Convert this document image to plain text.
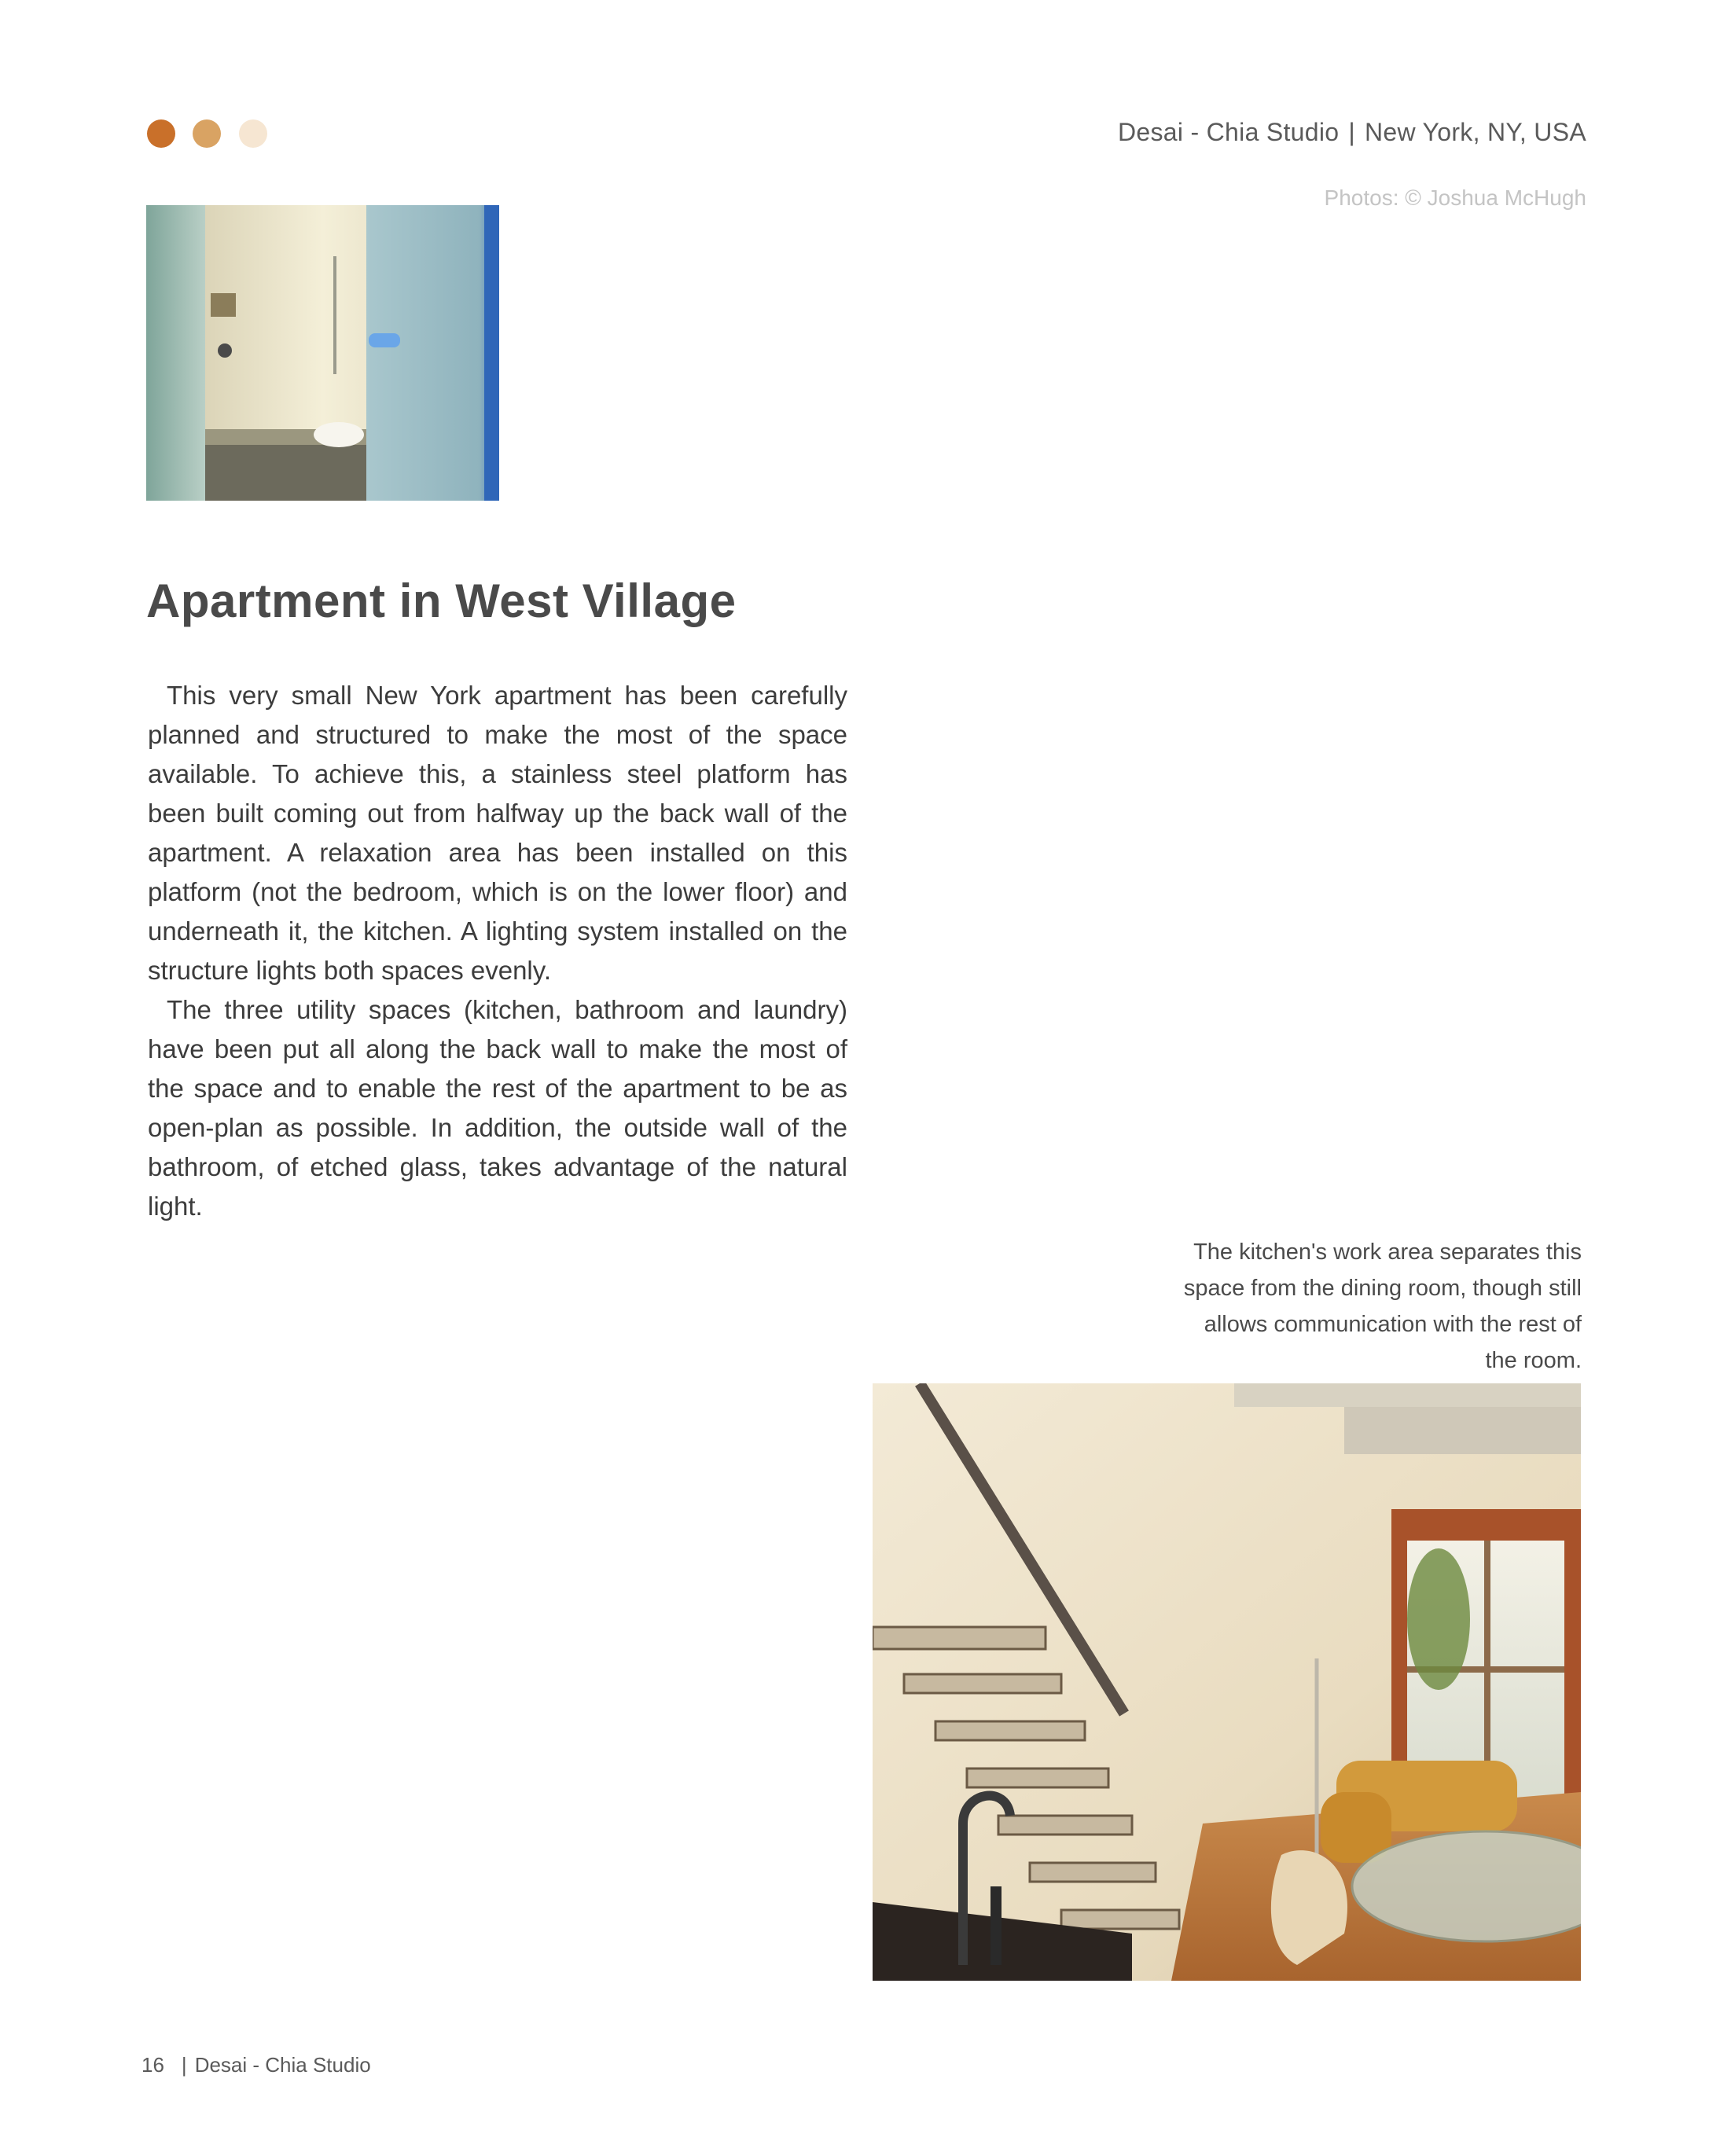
Desai - Chia Studio | New York, NY, USA
Photos: © Joshua McHugh
Apartment in West Village

This very small New York apartment has been carefully planned and structured to make the most of the space available. To achieve this, a stainless steel platform has been built coming out from halfway up the back wall of the apartment. A relaxation area has been installed on this platform (not the bedroom, which is on the lower floor) and underneath it, the kitchen. A lighting system installed on the structure lights both spaces evenly.

The three utility spaces (kitchen, bathroom and laundry) have been put all along the back wall to make the most of the space and to enable the rest of the apartment to be as open-plan as possible. In addition, the outside wall of the bathroom, of etched glass, takes advantage of the natural light.

The kitchen's work area separates this space from the dining room, though still allows communication with the rest of the room.
16 | Desai - Chia Studio
